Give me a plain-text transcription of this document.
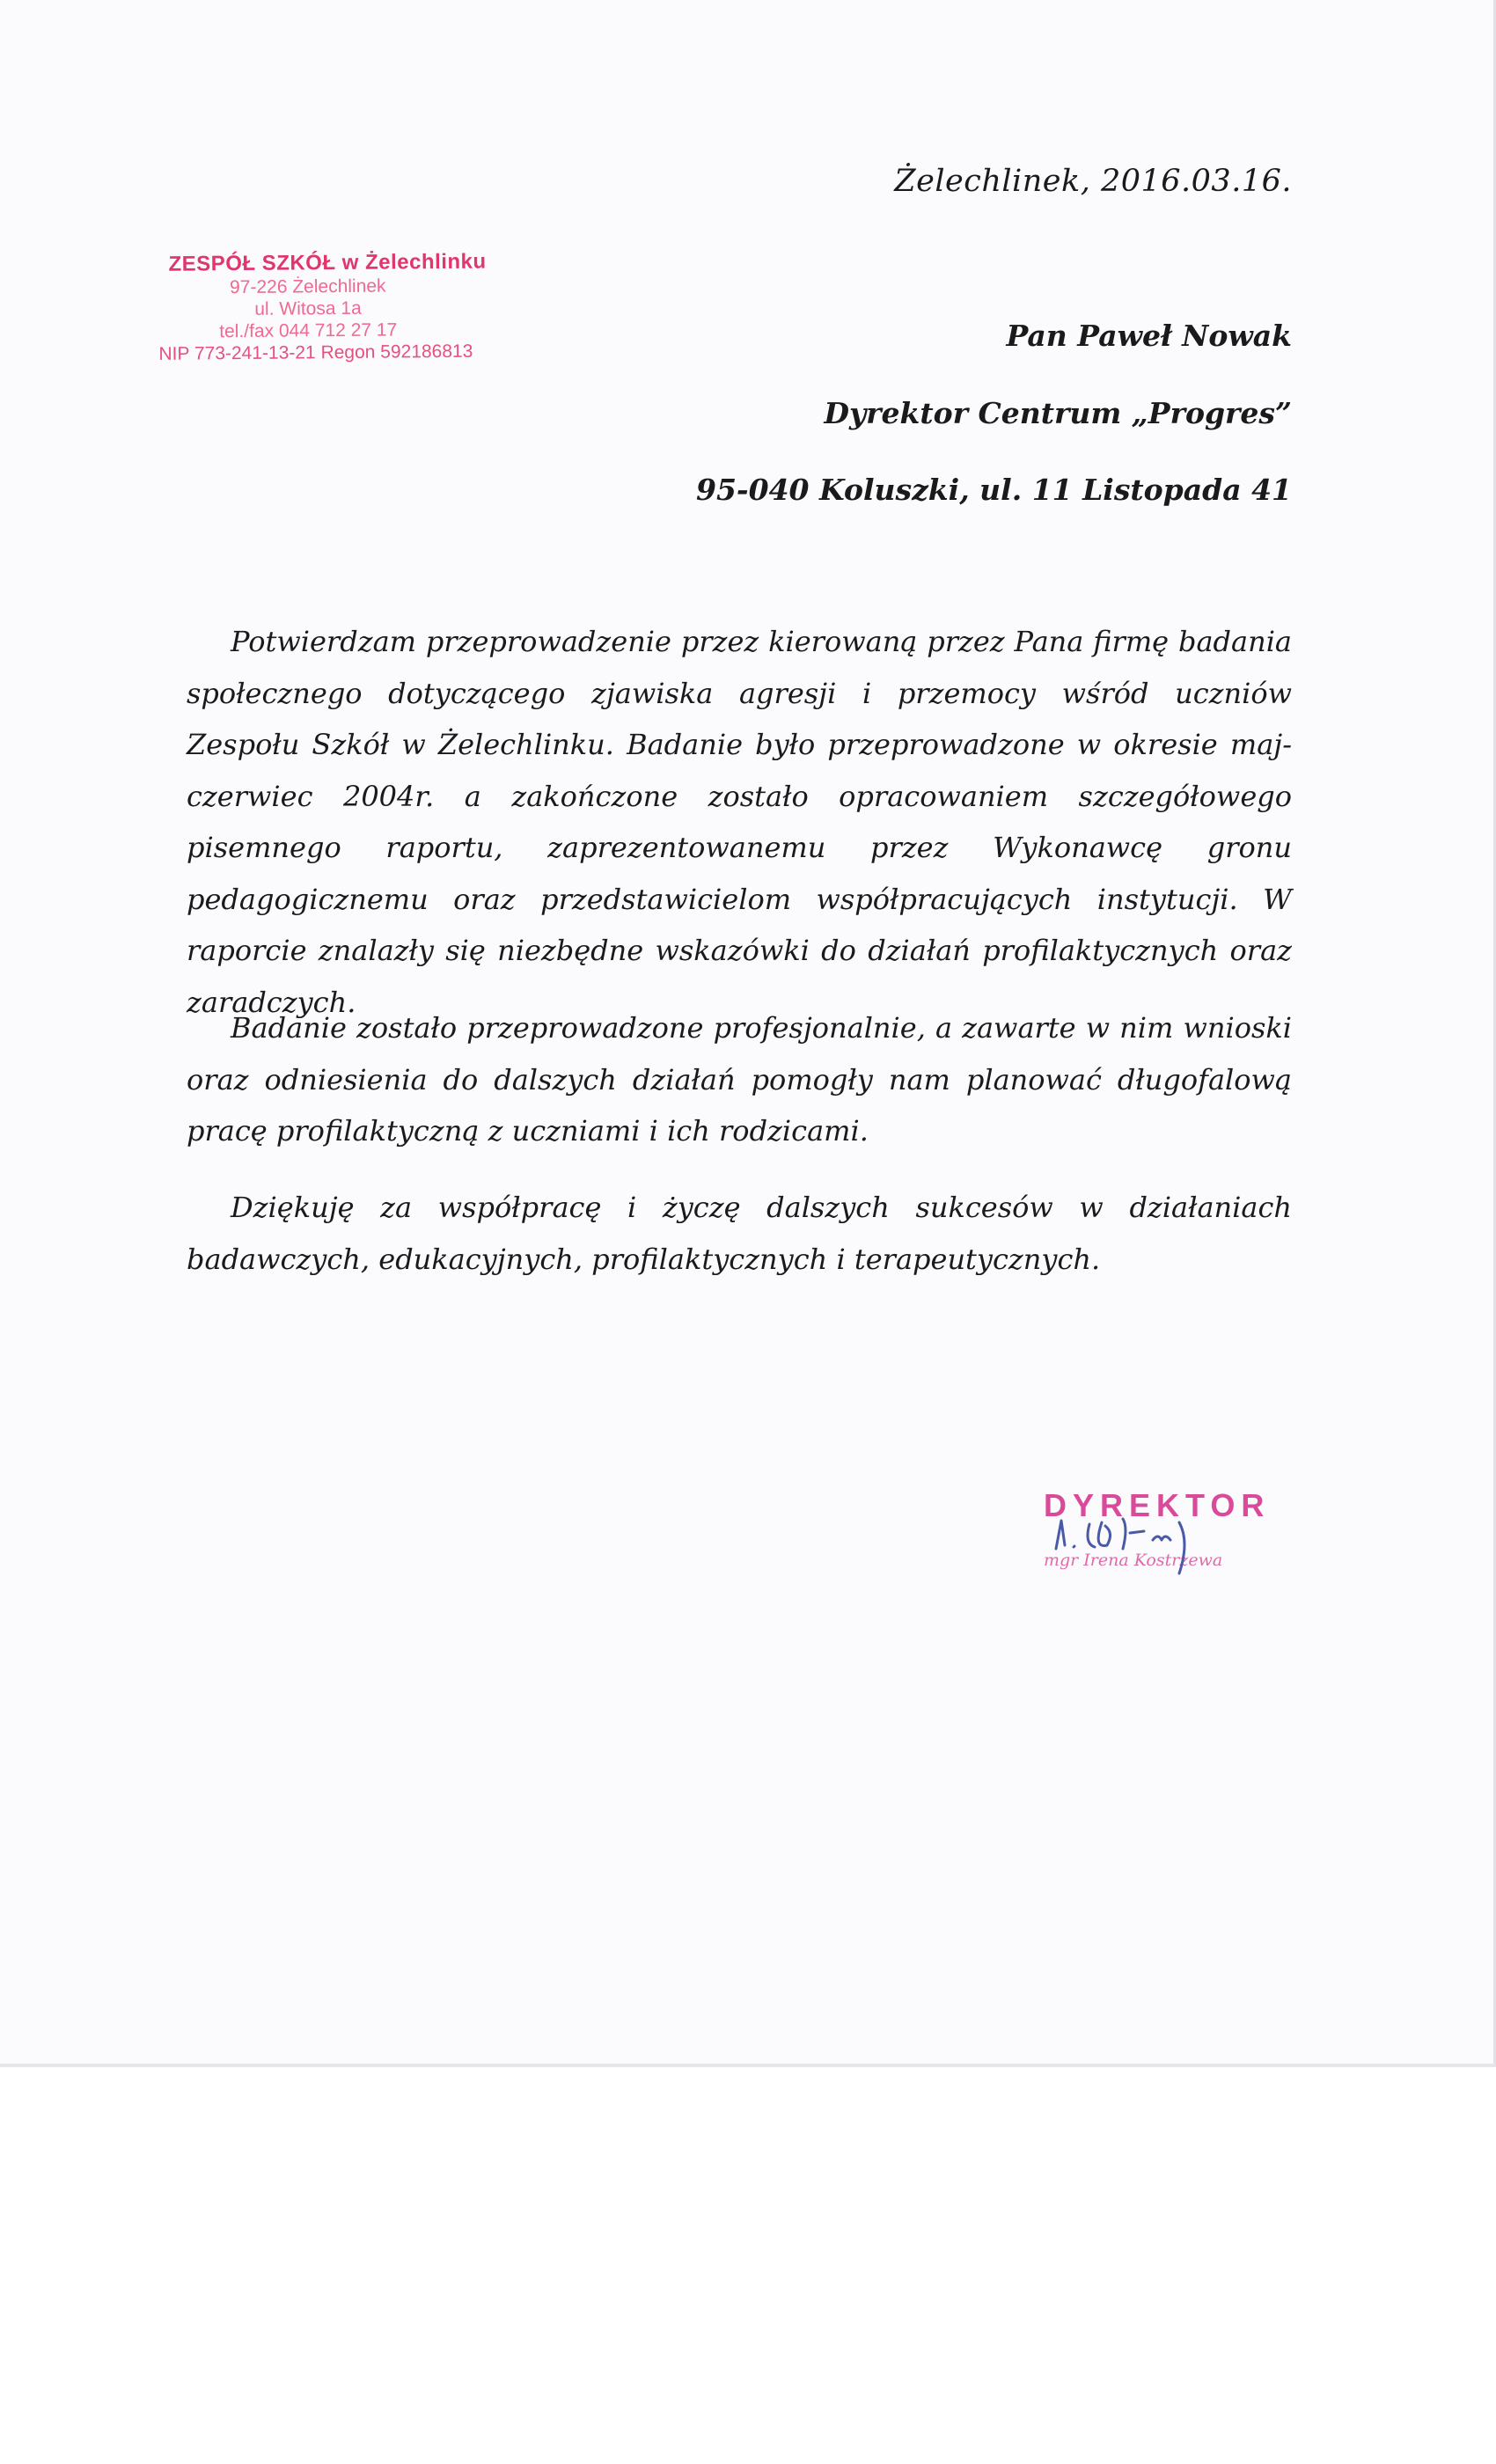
Żelechlinek, 2016.03.16.
ZESPÓŁ SZKÓŁ w Żelechlinku
97-226 Żelechlinek
ul. Witosa 1a
tel./fax 044 712 27 17
NIP 773-241-13-21 Regon 592186813	Pan Paweł Nowak
Dyrektor Centrum „Progres”
95-040 Koluszki, ul. 11 Listopada 41
Potwierdzam przeprowadzenie przez kierowaną przez Pana firmę badania społecznego dotyczącego zjawiska agresji i przemocy wśród uczniów Zespołu Szkół w Żelechlinku. Badanie było przeprowadzone w okresie maj-czerwiec 2004r. a zakończone zostało opracowaniem szczegółowego pisemnego raportu, zaprezentowanemu przez Wykonawcę gronu pedagogicznemu oraz przedstawicielom współpracujących instytucji. W raporcie znalazły się niezbędne wskazówki do działań profilaktycznych oraz zaradczych.
Badanie zostało przeprowadzone profesjonalnie, a zawarte w nim wnioski oraz odniesienia do dalszych działań pomogły nam planować długofalową pracę profilaktyczną z uczniami i ich rodzicami.
Dziękuję za współpracę i życzę dalszych sukcesów w działaniach badawczych, edukacyjnych, profilaktycznych i terapeutycznych.
DYREKTOR
mgr Irena Kostrzewa
